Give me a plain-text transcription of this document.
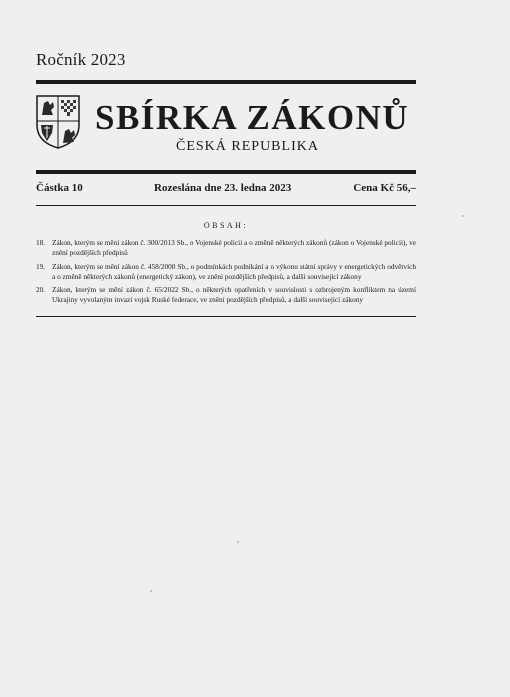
Ročník 2023
SBÍRKA ZÁKONŮ
ČESKÁ REPUBLIKA
Částka 10	Rozeslána dne 23. ledna 2023	Cena Kč 56,–
OBSAH:
18. Zákon, kterým se mění zákon č. 300/2013 Sb., o Vojenské policii a o změně některých zákonů (zákon o Vojenské policii), ve znění pozdějších předpisů
19. Zákon, kterým se mění zákon č. 458/2000 Sb., o podmínkách podnikání a o výkonu státní správy v energetických odvětvích a o změně některých zákonů (energetický zákon), ve znění pozdějších předpisů, a další související zákony
20. Zákon, kterým se mění zákon č. 65/2022 Sb., o některých opatřeních v souvislosti s ozbrojeným konfliktem na území Ukrajiny vyvolaným invazí vojsk Ruské federace, ve znění pozdějších předpisů, a další související zákony
